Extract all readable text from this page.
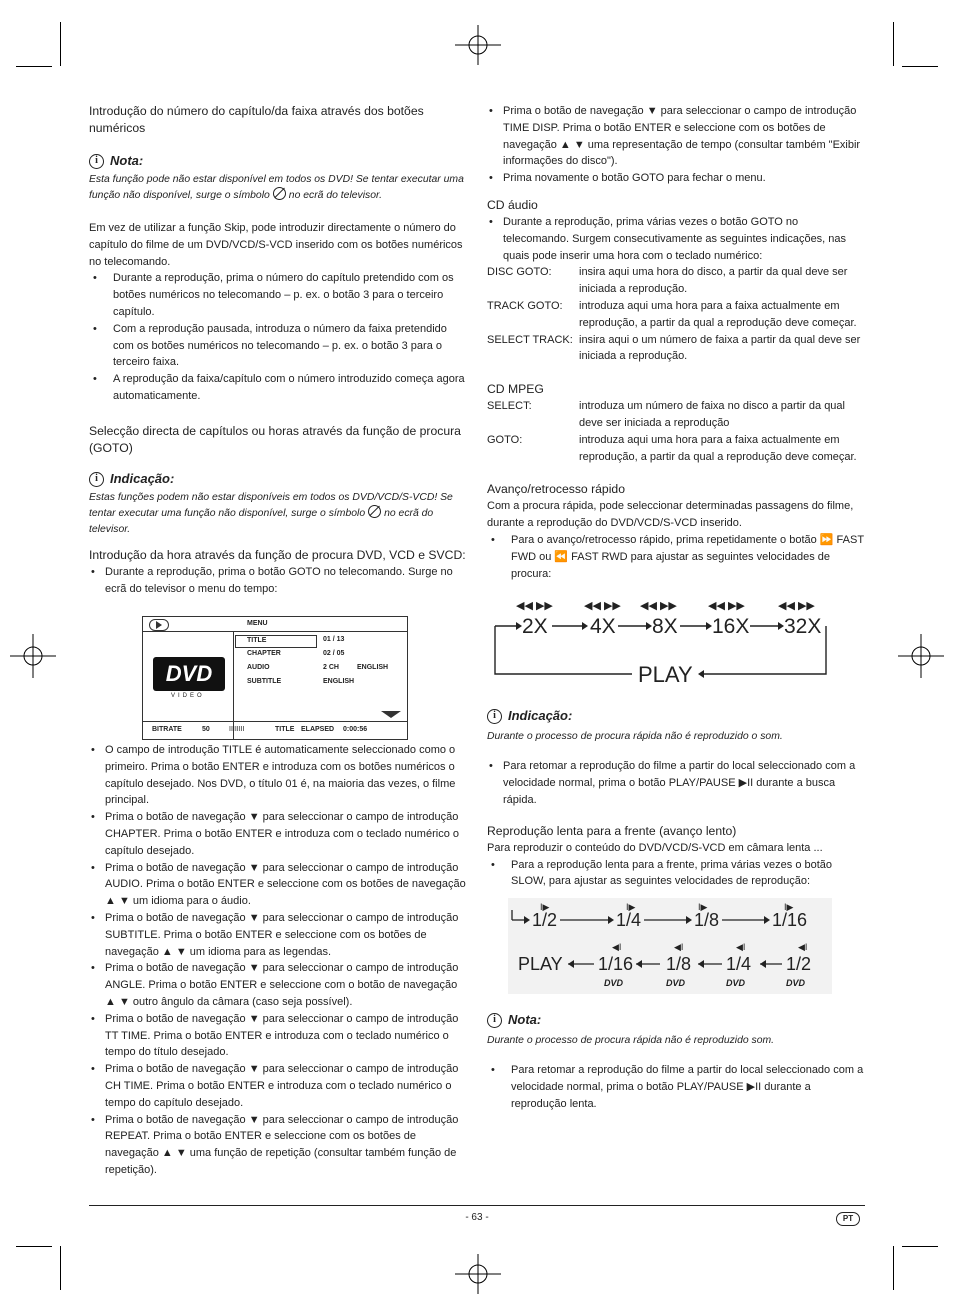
Introdução do número do capítulo/da faixa através dos botões numéricos

i Nota:

Esta função pode não estar disponível em todos os DVD! Se tentar executar uma função não disponível, surge o símbolo no ecrã do televisor.

Em vez de utilizar a função Skip, pode introduzir directamente o número do capítulo do filme de um DVD/VCD/S-VCD inserido com os botões numéricos no telecomando.

• Durante a reprodução, prima o número do capítulo pretendido com os botões numéricos no telecomando – p. ex. o botão 3 para o terceiro capítulo.

• Com a reprodução pausada, introduza o número da faixa pretendido com os botões numéricos no telecomando – p. ex. o botão 3 para o terceiro faixa.

• A reprodução da faixa/capítulo com o número introduzido começa agora automaticamente.

Selecção directa de capítulos ou horas através da função de procura (GOTO)

i Indicação:

Estas funções podem não estar disponíveis em todos os DVD/VCD/S-VCD! Se tentar executar uma função não disponível, surge o símbolo no ecrã do televisor.

Introdução da hora através da função de procura DVD, VCD e SVCD:

• Durante a reprodução, prima o botão GOTO no telecomando. Surge no ecrã do televisor o menu do tempo:

MENU
DVD
VIDEO
TITLE	01 / 13
CHAPTER	02 / 05
AUDIO	2 CH	ENGLISH
SUBTITLE	ENGLISH
BITRATE	50	IIIIIIII	TITLE ELAPSED 0:00:56

• O campo de introdução TITLE é automaticamente seleccionado como o primeiro. Prima o botão ENTER e introduza com os botões numéricos o capítulo desejado. Nos DVD, o título 01 é, na maioria das vezes, o filme principal.

• Prima o botão de navegação ▼ para seleccionar o campo de introdução CHAPTER. Prima o botão ENTER e introduza com o teclado numérico o capítulo desejado.

• Prima o botão de navegação ▼ para seleccionar o campo de introdução AUDIO. Prima o botão ENTER e seleccione com os botões de navegação ▲ ▼ um idioma para o áudio.

• Prima o botão de navegação ▼ para seleccionar o campo de introdução SUBTITLE. Prima o botão ENTER e seleccione com os botões de navegação ▲ ▼ um idioma para as legendas.

• Prima o botão de navegação ▼ para seleccionar o campo de introdução ANGLE. Prima o botão ENTER e seleccione com o botão de navegação ▲ ▼ outro ângulo da câmara (caso seja possível).

• Prima o botão de navegação ▼ para seleccionar o campo de introdução TT TIME. Prima o botão ENTER e introduza com o teclado numérico o tempo do título desejado.

• Prima o botão de navegação ▼ para seleccionar o campo de introdução CH TIME. Prima o botão ENTER e introduza com o teclado numérico o tempo do capítulo desejado.

• Prima o botão de navegação ▼ para seleccionar o campo de introdução REPEAT. Prima o botão ENTER e seleccione com os botões de navegação ▲ ▼ uma função de repetição (consultar também função de repetição).

• Prima o botão de navegação ▼ para seleccionar o campo de introdução TIME DISP. Prima o botão ENTER e seleccione com os botões de navegação ▲ ▼ uma representação de tempo (consultar também "Exibir informações do disco").

• Prima novamente o botão GOTO para fechar o menu.

CD áudio

• Durante a reprodução, prima várias vezes o botão GOTO no telecomando. Surgem consecutivamente as seguintes indicações, nas quais pode inserir uma hora com o teclado numérico:

DISC GOTO:	insira aqui uma hora do disco, a partir da qual deve ser iniciada a reprodução.

TRACK GOTO:	introduza aqui uma hora para a faixa actualmente em reprodução, a partir da qual a reprodução deve começar.

SELECT TRACK: insira aqui o um número de faixa a partir da qual deve ser iniciada a reprodução.

CD MPEG

SELECT:	introduza um número de faixa no disco a partir da qual deve ser iniciada a reprodução

GOTO:	introduza aqui uma hora para a faixa actualmente em reprodução, a partir da qual a reprodução deve começar.

Avanço/retrocesso rápido

Com a procura rápida, pode seleccionar determinadas passagens do filme, durante a reprodução do DVD/VCD/S-VCD inserido.

• Para o avanço/retrocesso rápido, prima repetidamente o botão ⏩ FAST FWD ou ⏪ FAST RWD para ajustar as seguintes velocidades de procura:

◀◀ ▶▶	◀◀ ▶▶ ◀◀ ▶▶	◀◀ ▶▶	◀◀ ▶▶
2X 4X 8X 16X 32X
PLAY

i Indicação:

Durante o processo de procura rápida não é reproduzido o som.

• Para retomar a reprodução do filme a partir do local seleccionado com a velocidade normal, prima o botão PLAY/PAUSE ▶II durante a busca rápida.

Reprodução lenta para a frente (avanço lento)

Para reproduzir o conteúdo do DVD/VCD/S-VCD em câmara lenta ...

• Para a reprodução lenta para a frente, prima várias vezes o botão SLOW, para ajustar as seguintes velocidades de reprodução:

I▶	I▶	I▶	I▶
1/2	1/4	1/8	1/16
◀I	◀I	◀I	◀I
PLAY 1/16 1/8 1/4 1/2
DVD	DVD	DVD	DVD

i Nota:

Durante o processo de procura rápida não é reproduzido som.

• Para retomar a reprodução do filme a partir do local seleccionado com a velocidade normal, prima o botão PLAY/PAUSE ▶II durante a reprodução lenta.

- 63 -	PT
